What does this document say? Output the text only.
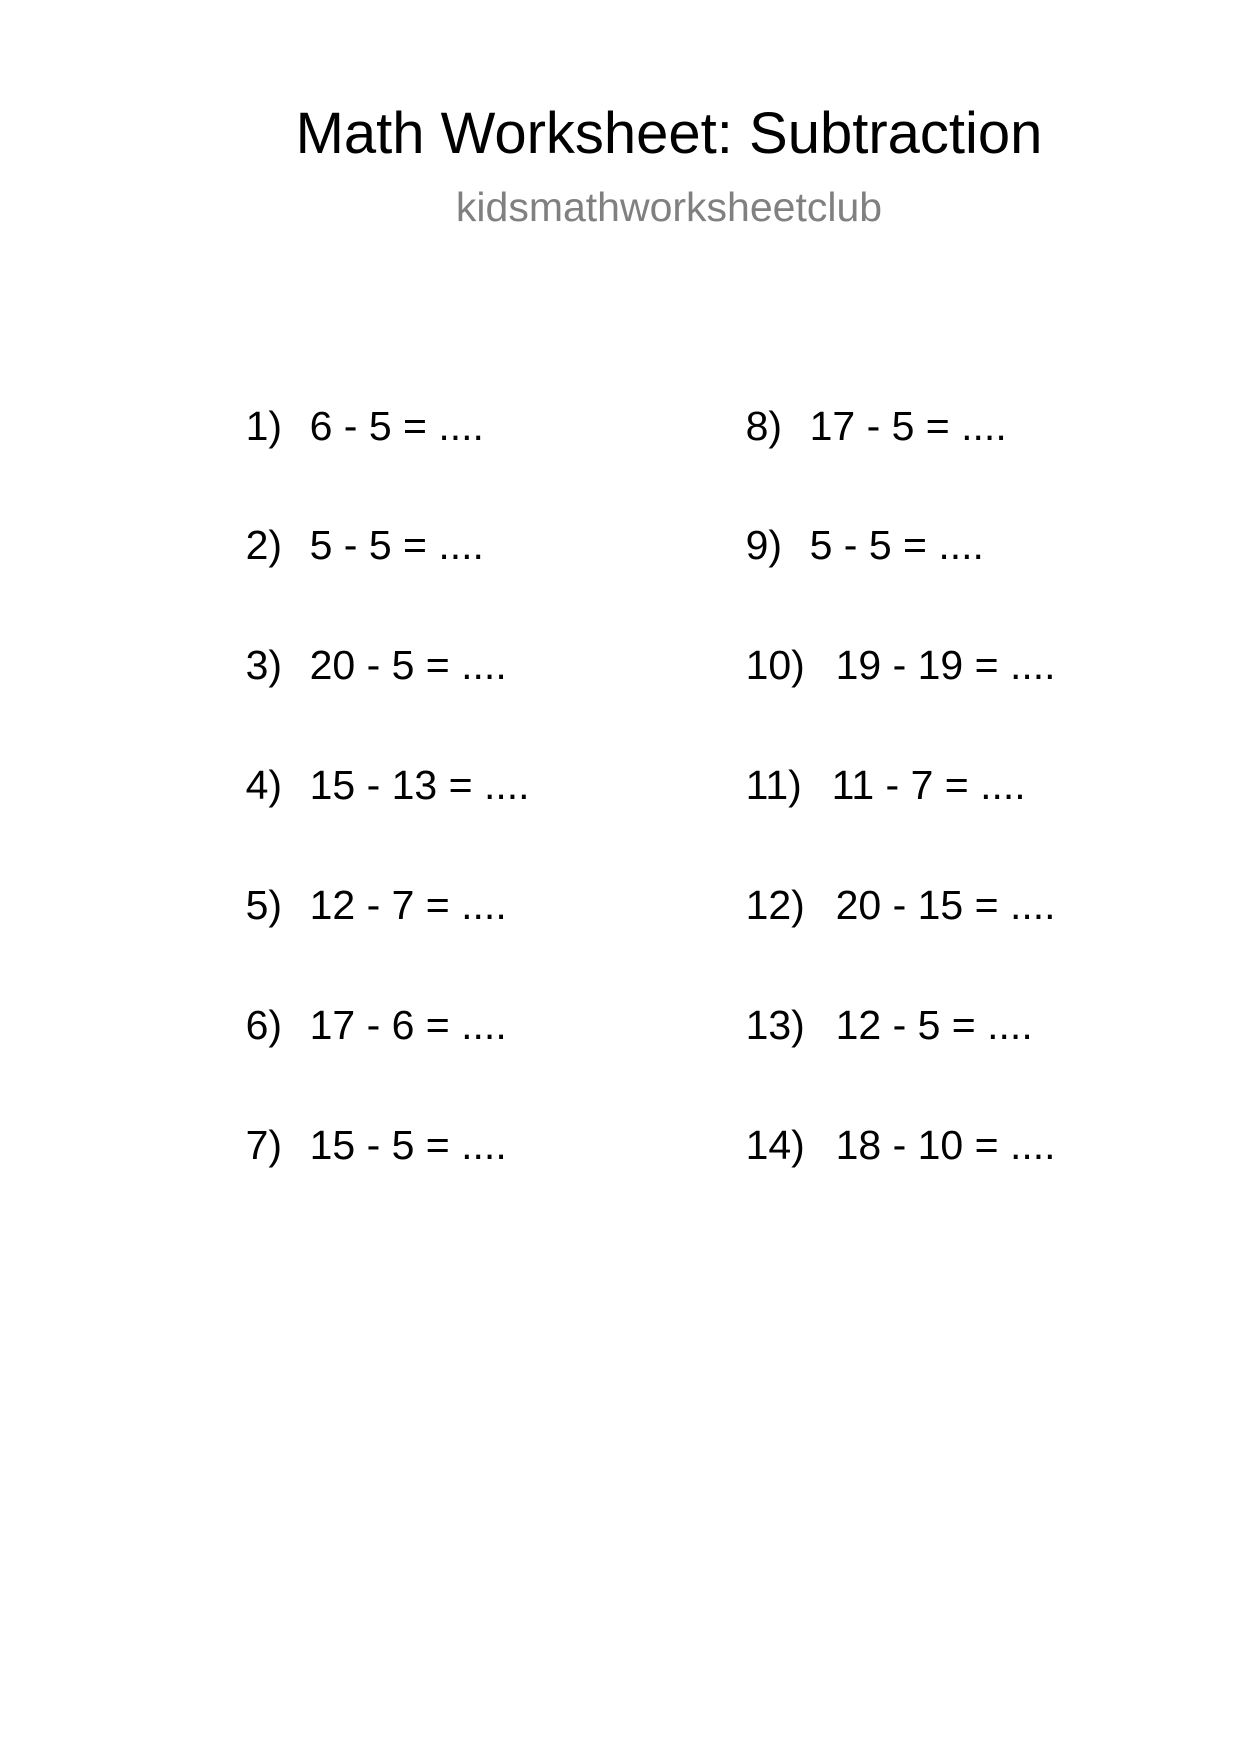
Math Worksheet: Subtraction
kidsmathworksheetclub

1) 6 - 5 = ....

2) 5 - 5 = ....

3) 20 - 5 = ....

4) 15 - 13 = ....

5) 12 - 7 = ....

6) 17 - 6 = ....

7) 15 - 5 = ....

8) 17 - 5 = ....

9) 5 - 5 = ....

10) 19 - 19 = ....

11) 11 - 7 = ....

12) 20 - 15 = ....

13) 12 - 5 = ....

14) 18 - 10 = ....
